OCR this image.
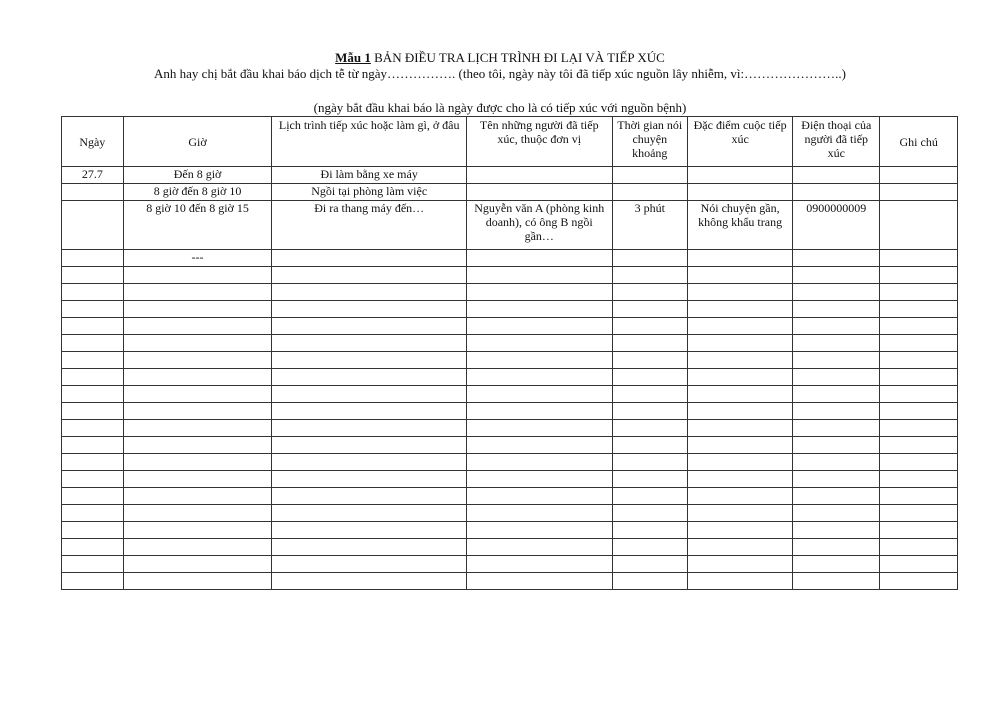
Mẫu 1 BẢN ĐIỀU TRA LỊCH TRÌNH ĐI LẠI VÀ TIẾP XÚC
Anh hay chị bắt đầu khai báo dịch tễ từ ngày……………. (theo tôi, ngày này tôi đã tiếp xúc nguồn lây nhiễm, vì:…………………..)
(ngày bắt đầu khai báo là ngày được cho là có tiếp xúc với nguồn bệnh)
Ngày	Giờ	Lịch trình tiếp xúc hoặc làm gì, ở đâu	Tên những người đã tiếp xúc, thuộc đơn vị	Thời gian nói chuyện khoảng	Đặc điểm cuộc tiếp xúc	Điện thoại của người đã tiếp xúc	Ghi chú
27.7	Đến 8 giờ	Đi làm bằng xe máy					
	8 giờ đến 8 giờ 10	Ngồi tại phòng làm việc					
	8 giờ 10 đến 8 giờ 15	Đi ra thang máy đến…	Nguyễn văn A (phòng kinh doanh), có ông B ngồi gần…	3 phút	Nói chuyện gần, không khẩu trang	0900000009	
	---						
